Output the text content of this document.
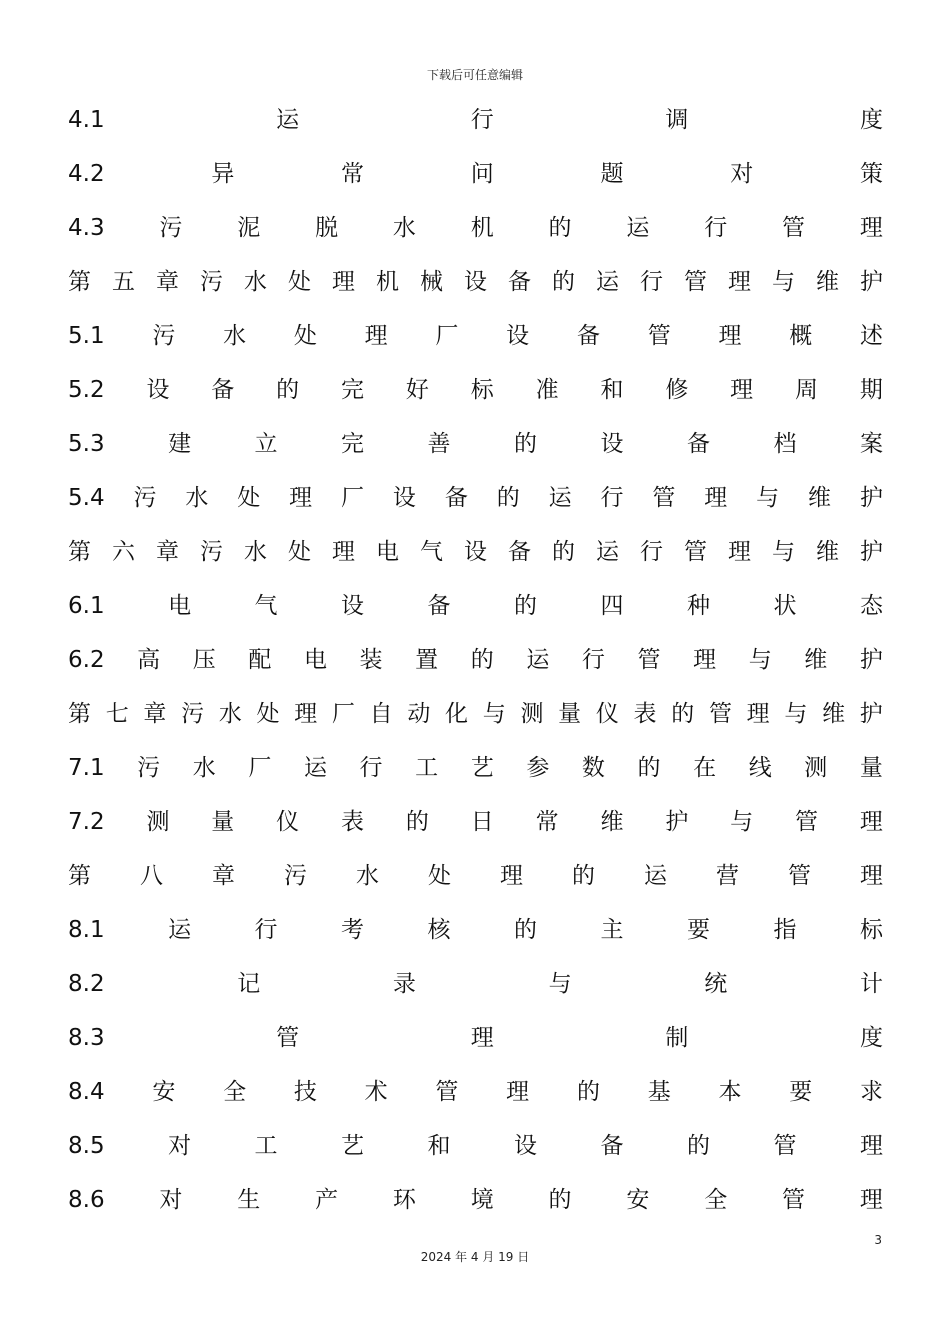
下载后可任意编辑
4.1	运	行	调	度
4.2	异	常	问	题	对	策
4.3 污 泥 脱 水 机 的 运 行 管 理
第 五 章 污 水 处 理 机 械 设 备 的 运 行 管 理 与 维 护
5.1 污 水 处 理 厂 设 备 管 理 概 述
5.2 设 备 的 完 好 标 准 和 修 理 周 期
5.3	建	立	完	善	的	设	备	档	案
5.4 污 水 处 理 厂 设 备 的 运 行 管 理 与 维 护
第 六 章 污 水 处 理 电 气 设 备 的 运 行 管 理 与 维 护
6.1	电	气	设	备	的	四	种	状	态
6.2 高 压 配 电 装 置 的 运 行 管 理 与 维 护
第 七 章 污 水 处 理 厂 自 动 化 与 测 量 仪 表 的 管 理 与 维 护
7.1 污 水 厂 运 行 工 艺 参 数 的 在 线 测 量
7.2 测 量 仪 表 的 日 常 维 护 与 管 理
第 八 章 污 水 处 理 的 运 营 管 理
8.1	运	行	考	核	的	主	要	指	标
8.2	记	录	与	统	计
8.3	管	理	制	度
8.4 安 全 技 术 管 理 的 基 本 要 求
8.5	对	工	艺	和	设	备	的	管	理
8.6 对 生 产 环 境 的 安 全 管 理
3
2024 年 4 月 19 日
